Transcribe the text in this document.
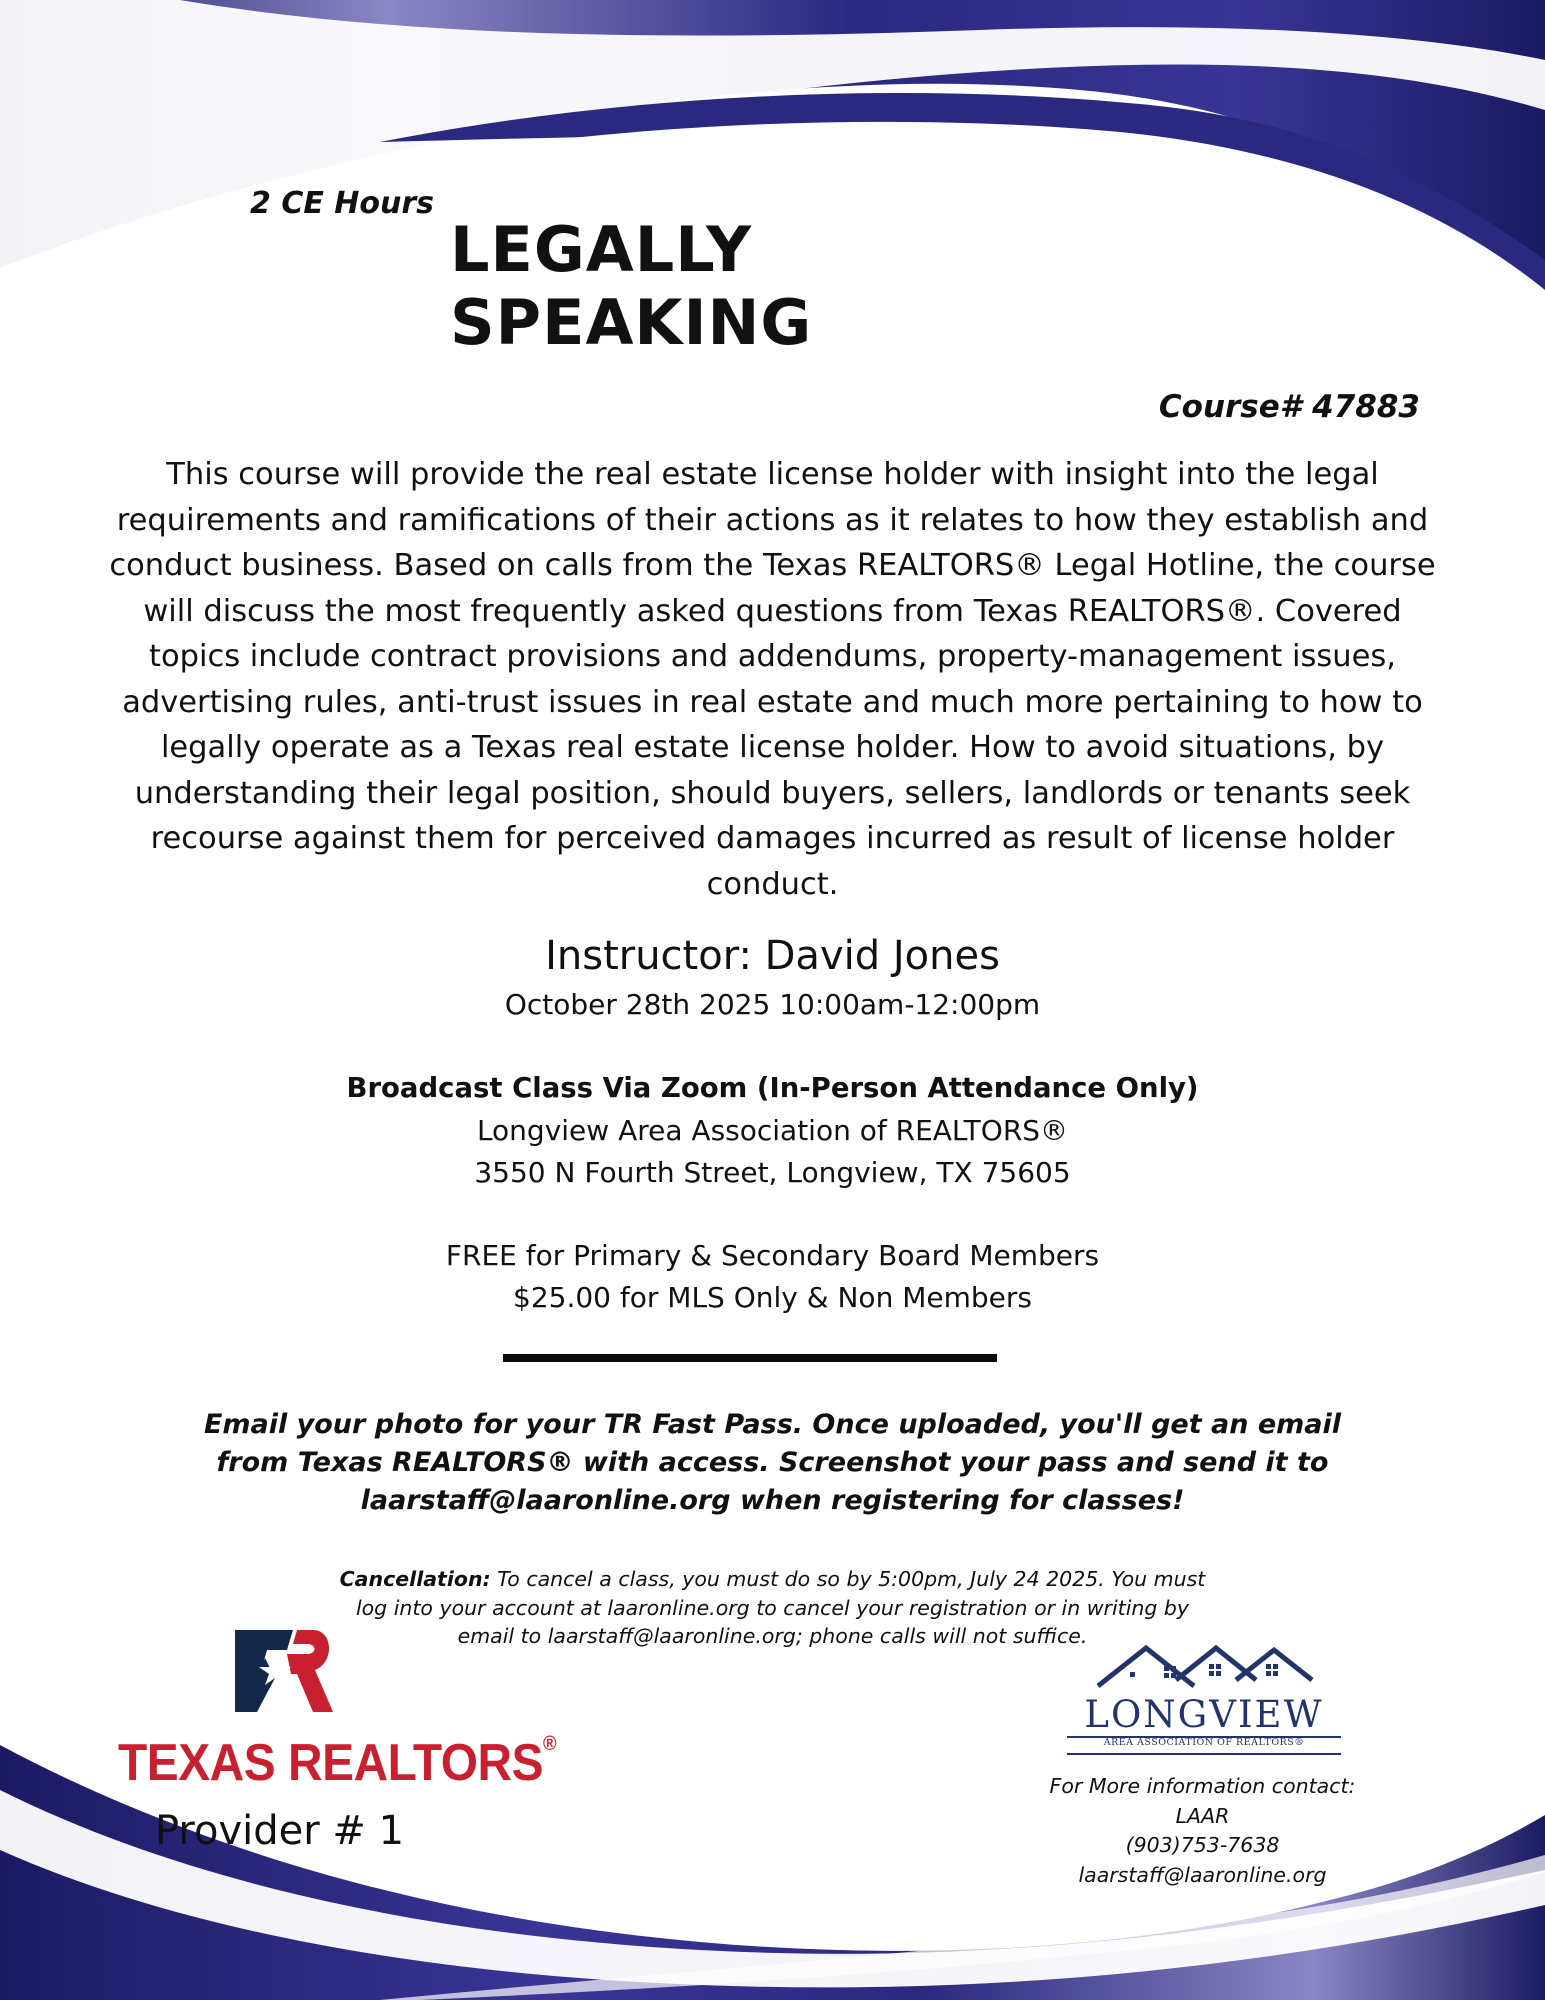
2 CE Hours
LEGALLY SPEAKING
Course# 47883
This course will provide the real estate license holder with insight into the legal
requirements and ramifications of their actions as it relates to how they establish and
conduct business. Based on calls from the Texas REALTORS® Legal Hotline, the course
will discuss the most frequently asked questions from Texas REALTORS®. Covered
topics include contract provisions and addendums, property-management issues,
advertising rules, anti-trust issues in real estate and much more pertaining to how to
legally operate as a Texas real estate license holder. How to avoid situations, by
understanding their legal position, should buyers, sellers, landlords or tenants seek
recourse against them for perceived damages incurred as result of license holder
conduct.
Instructor: David Jones
October 28th 2025 10:00am-12:00pm
Broadcast Class Via Zoom (In-Person Attendance Only)
Longview Area Association of REALTORS®
3550 N Fourth Street, Longview, TX 75605
FREE for Primary & Secondary Board Members
$25.00 for MLS Only & Non Members
Email your photo for your TR Fast Pass. Once uploaded, you'll get an email
from Texas REALTORS® with access. Screenshot your pass and send it to
laarstaff@laaronline.org when registering for classes!
Cancellation: To cancel a class, you must do so by 5:00pm, July 24 2025. You must
log into your account at laaronline.org to cancel your registration or in writing by
email to laarstaff@laaronline.org; phone calls will not suffice.
TEXAS REALTORS®
Provider # 1
LONGVIEW
AREA ASSOCIATION OF REALTORS®
For More information contact:
LAAR
(903)753-7638
laarstaff@laaronline.org
